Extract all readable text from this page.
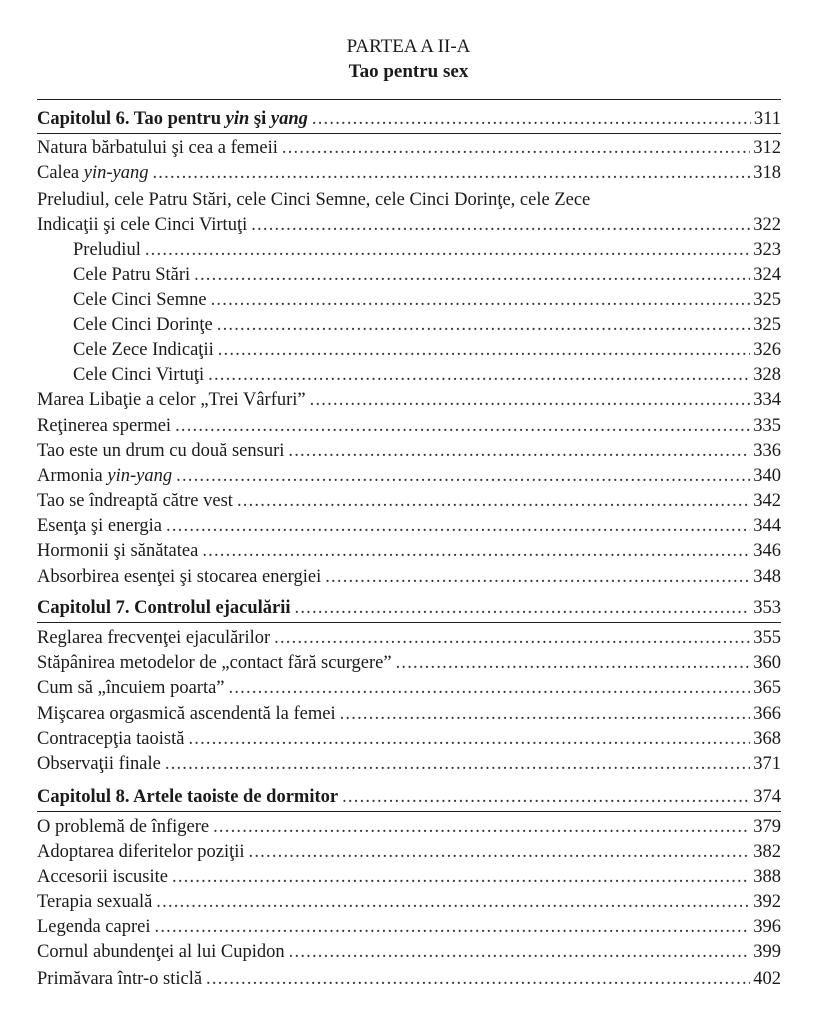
PARTEA A II-A
Tao pentru sex
Capitolul 6. Tao pentru yin şi yang .....	311
Natura bărbatului şi cea a femeii .....	312
Calea yin-yang .....	318
Preludiul, cele Patru Stări, cele Cinci Semne, cele Cinci Dorinţe, cele Zece
Indicaţii şi cele Cinci Virtuţi .....	322
Preludiul .....	323
Cele Patru Stări .....	324
Cele Cinci Semne .....	325
Cele Cinci Dorinţe .....	325
Cele Zece Indicaţii .....	326
Cele Cinci Virtuţi .....	328
Marea Libaţie a celor „Trei Vârfuri” .....	334
Reţinerea spermei .....	335
Tao este un drum cu două sensuri .....	336
Armonia yin-yang .....	340
Tao se îndreaptă către vest .....	342
Esenţa şi energia .....	344
Hormonii şi sănătatea .....	346
Absorbirea esenţei şi stocarea energiei .....	348
Capitolul 7. Controlul ejaculării .....	353
Reglarea frecvenţei ejaculărilor .....	355
Stăpânirea metodelor de „contact fără scurgere” .....	360
Cum să „încuiem poarta” .....	365
Mişcarea orgasmică ascendentă la femei .....	366
Contracepţia taoistă .....	368
Observaţii finale .....	371
Capitolul 8. Artele taoiste de dormitor .....	374
O problemă de înfigere .....	379
Adoptarea diferitelor poziţii .....	382
Accesorii iscusite .....	388
Terapia sexuală .....	392
Legenda caprei .....	396
Cornul abundenţei al lui Cupidon .....	399
Primăvara într-o sticlă .....	402
